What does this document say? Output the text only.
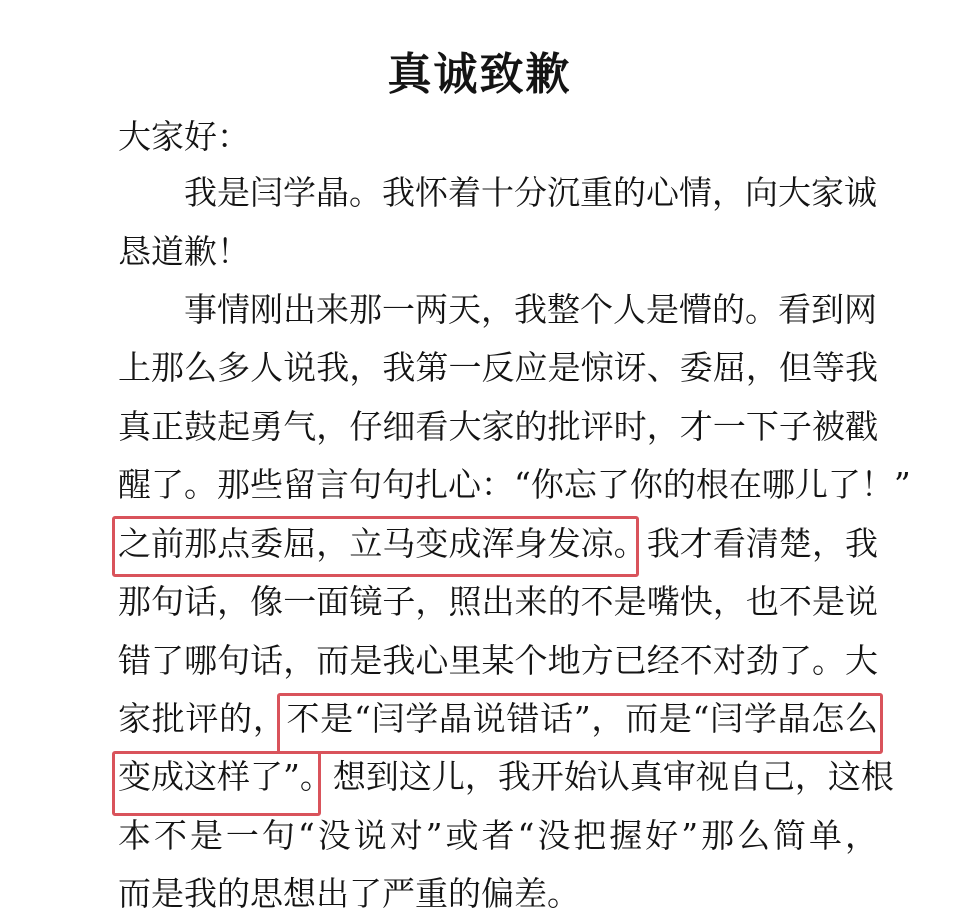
真诚致歉
大家好：
我是闫学晶。我怀着十分沉重的心情，向大家诚
恳道歉！
事情刚出来那一两天，我整个人是懵的。看到网
上那么多人说我，我第一反应是惊讶、委屈，但等我
真正鼓起勇气，仔细看大家的批评时，才一下子被戳
醒了。那些留言句句扎心：“你忘了你的根在哪儿了！”
之前那点委屈，立马变成浑身发凉。我才看清楚，我
那句话，像一面镜子，照出来的不是嘴快，也不是说
错了哪句话，而是我心里某个地方已经不对劲了。大
家批评的，不是“闫学晶说错话”，而是“闫学晶怎么
变成这样了”。想到这儿，我开始认真审视自己，这根
本不是一句“没说对”或者“没把握好”那么简单，
而是我的思想出了严重的偏差。
